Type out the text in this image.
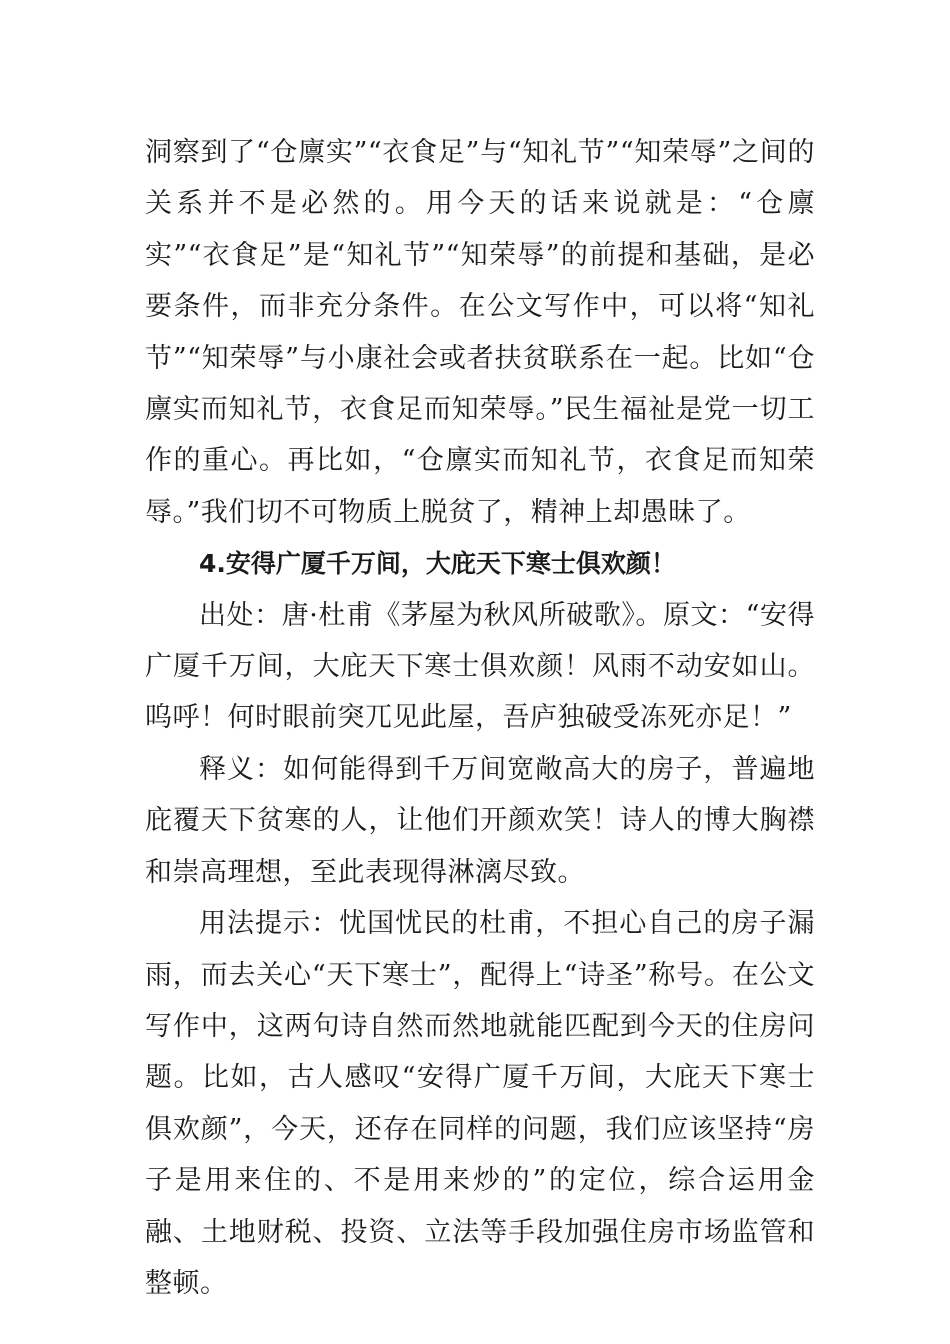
洞察到了“仓廪实”“衣食足”与“知礼节”“知荣辱”之间的关系并不是必然的。用今天的话来说就是：“仓廪实”“衣食足”是“知礼节”“知荣辱”的前提和基础，是必要条件，而非充分条件。在公文写作中，可以将“知礼节”“知荣辱”与小康社会或者扶贫联系在一起。比如“仓廪实而知礼节，衣食足而知荣辱。”民生福祉是党一切工作的重心。再比如，“仓廪实而知礼节，衣食足而知荣辱。”我们切不可物质上脱贫了，精神上却愚昧了。

4.安得广厦千万间，大庇天下寒士俱欢颜！

出处：唐·杜甫《茅屋为秋风所破歌》。原文：“安得广厦千万间，大庇天下寒士俱欢颜！风雨不动安如山。呜呼！何时眼前突兀见此屋，吾庐独破受冻死亦足！”

释义：如何能得到千万间宽敞高大的房子，普遍地庇覆天下贫寒的人，让他们开颜欢笑！诗人的博大胸襟和崇高理想，至此表现得淋漓尽致。

用法提示：忧国忧民的杜甫，不担心自己的房子漏雨，而去关心“天下寒士”，配得上“诗圣”称号。在公文写作中，这两句诗自然而然地就能匹配到今天的住房问题。比如，古人感叹“安得广厦千万间，大庇天下寒士俱欢颜”，今天，还存在同样的问题，我们应该坚持“房子是用来住的、不是用来炒的”的定位，综合运用金融、土地财税、投资、立法等手段加强住房市场监管和整顿。
